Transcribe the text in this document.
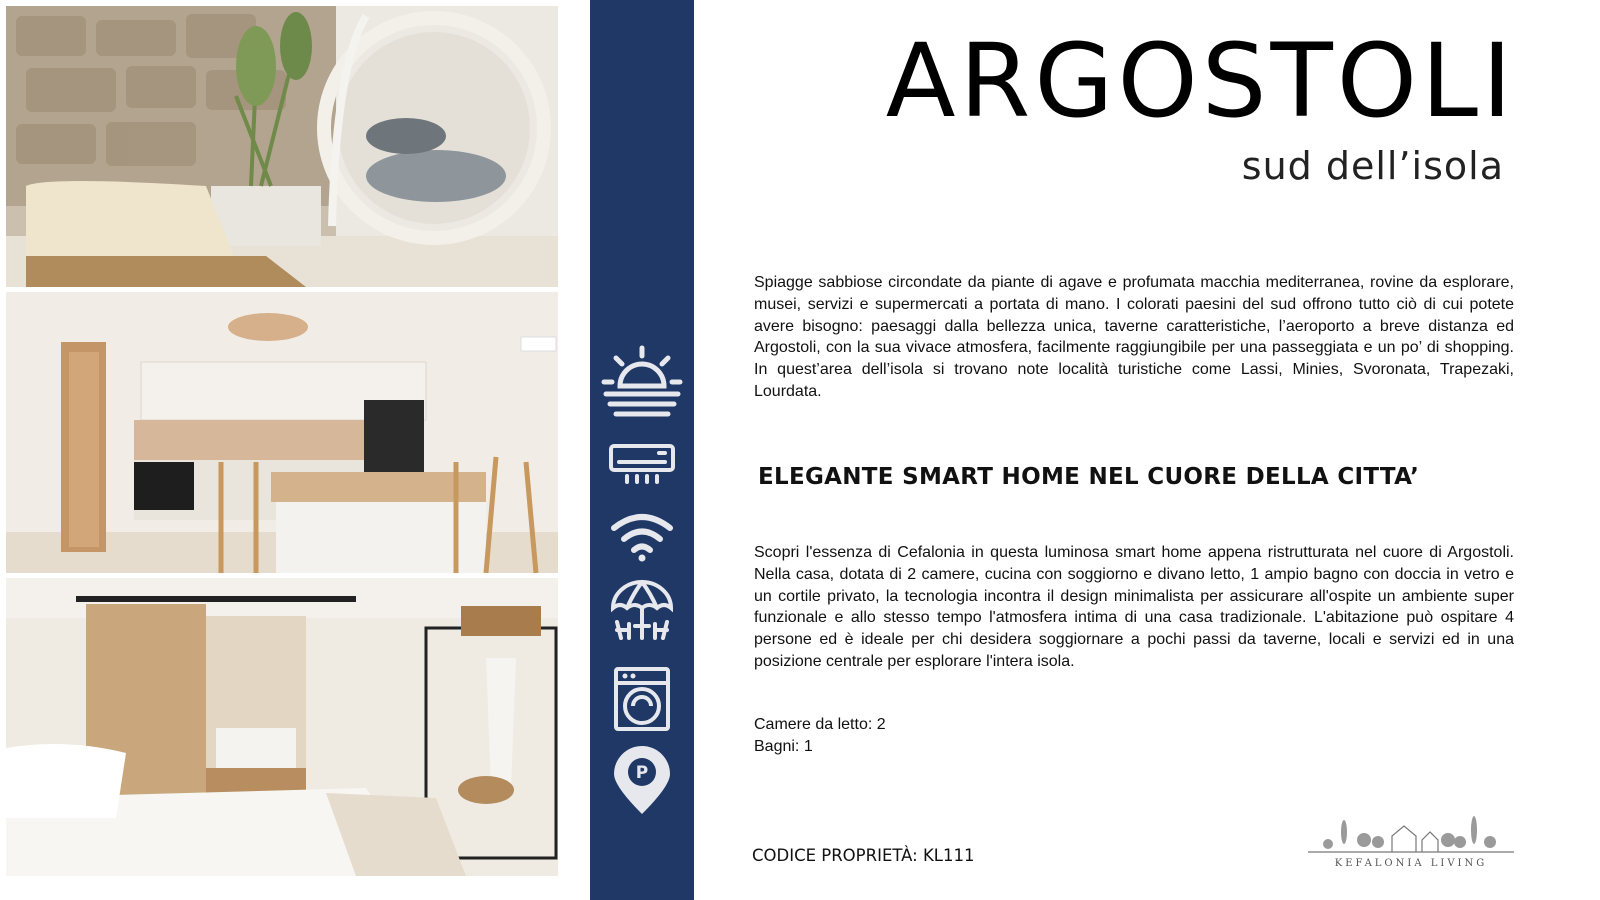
P
ARGOSTOLI
sud dell’isola

Spiagge sabbiose circondate da piante di agave e profumata macchia mediterranea, rovine da esplorare, musei, servizi e supermercati a portata di mano. I colorati paesini del sud offrono tutto ciò di cui potete avere bisogno: paesaggi dalla bellezza unica, taverne caratteristiche, l’aeroporto a breve distanza ed Argostoli, con la sua vivace atmosfera, facilmente raggiungibile per una passeggiata e un po’ di shopping. In quest’area dell’isola si trovano note località turistiche come Lassi, Minies, Svoronata, Trapezaki, Lourdata.

ELEGANTE SMART HOME NEL CUORE DELLA CITTA’

Scopri l'essenza di Cefalonia in questa luminosa smart home appena ristrutturata nel cuore di Argostoli. Nella casa, dotata di 2 camere, cucina con soggiorno e divano letto, 1 ampio bagno con doccia in vetro e un cortile privato, la tecnologia incontra il design minimalista per assicurare all'ospite un ambiente super funzionale e allo stesso tempo l'atmosfera intima di una casa tradizionale. L'abitazione può ospitare 4 persone ed è ideale per chi desidera soggiornare a pochi passi da taverne, locali e servizi ed in una posizione centrale per esplorare l'intera isola.

Camere da letto: 2
Bagni: 1
CODICE PROPRIETÀ: KL111	KEFALONIA LIVING
